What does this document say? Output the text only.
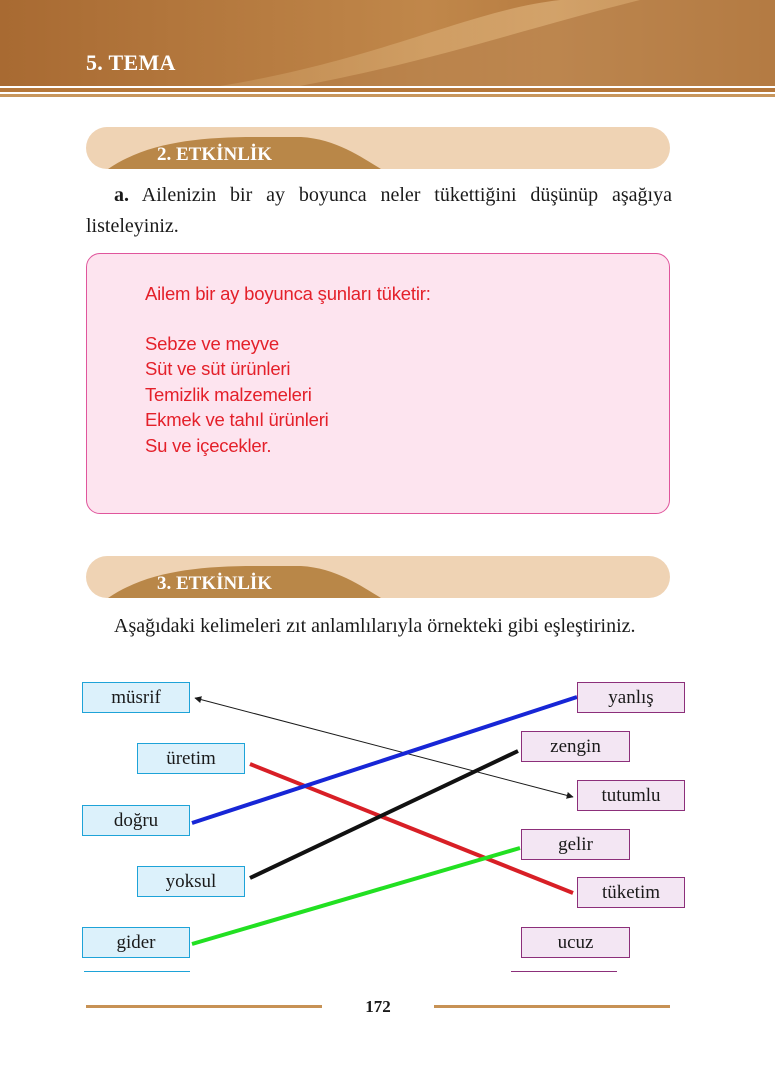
5. TEMA
2. ETKİNLİK
a. Ailenizin bir ay boyunca neler tükettiğini düşünüp aşağıya listeleyiniz.
Ailem bir ay boyunca şunları tüketir:
Sebze ve meyve
Süt ve süt ürünleri
Temizlik malzemeleri
Ekmek ve tahıl ürünleri
Su ve içecekler.
3. ETKİNLİK
Aşağıdaki kelimeleri zıt anlamlılarıyla örnekteki gibi eşleştiriniz.
müsrif
üretim
doğru
yoksul
gider
yanlış
zengin
tutumlu
gelir
tüketim
ucuz
172
